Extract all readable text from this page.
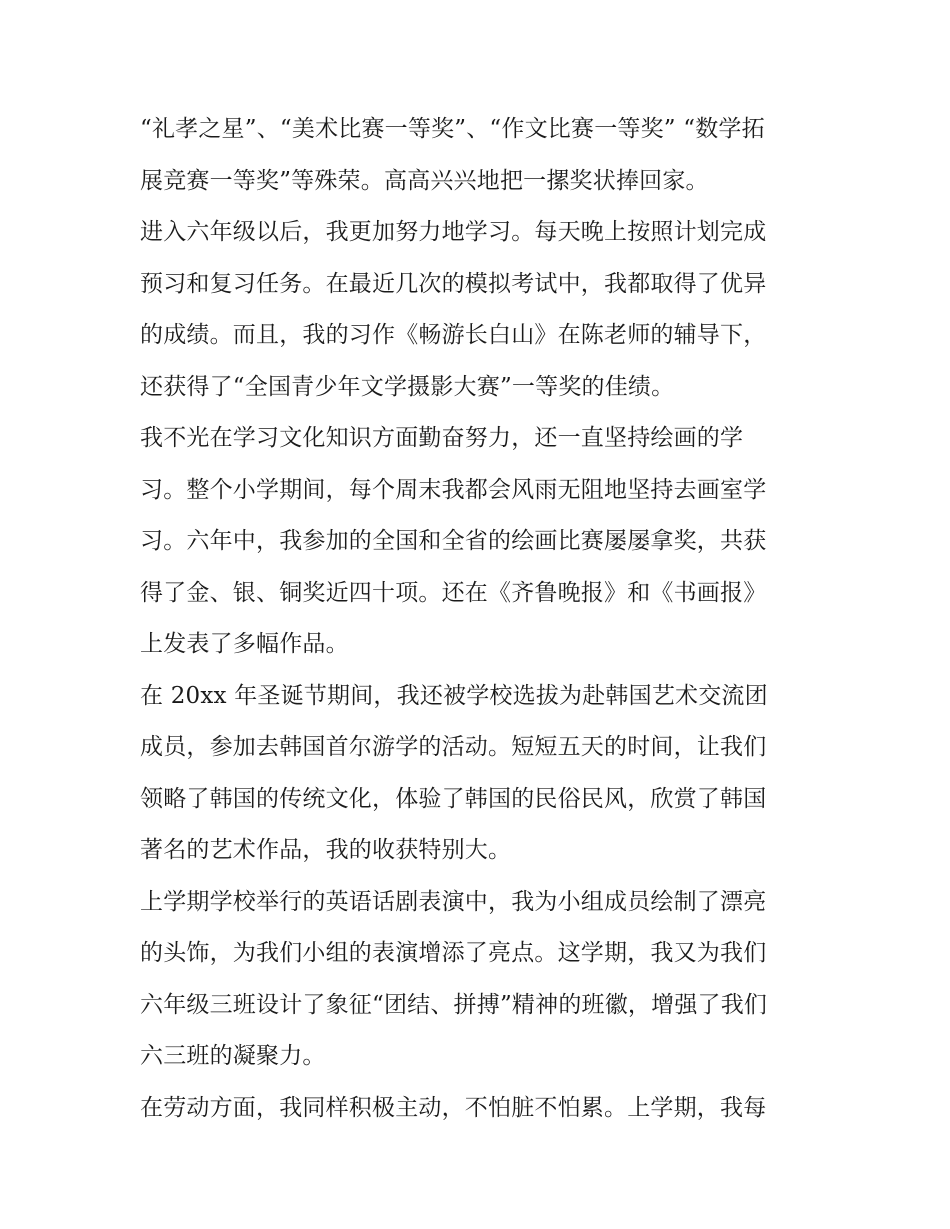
“礼孝之星”、“美术比赛一等奖”、“作文比赛一等奖” “数学拓
展竞赛一等奖”等殊荣。高高兴兴地把一摞奖状捧回家。
进入六年级以后，我更加努力地学习。每天晚上按照计划完成
预习和复习任务。在最近几次的模拟考试中，我都取得了优异
的成绩。而且，我的习作《畅游长白山》在陈老师的辅导下，
还获得了“全国青少年文学摄影大赛”一等奖的佳绩。
我不光在学习文化知识方面勤奋努力，还一直坚持绘画的学
习。整个小学期间，每个周末我都会风雨无阻地坚持去画室学
习。六年中，我参加的全国和全省的绘画比赛屡屡拿奖，共获
得了金、银、铜奖近四十项。还在《齐鲁晚报》和《书画报》
上发表了多幅作品。
在 20xx 年圣诞节期间，我还被学校选拔为赴韩国艺术交流团
成员，参加去韩国首尔游学的活动。短短五天的时间，让我们
领略了韩国的传统文化，体验了韩国的民俗民风，欣赏了韩国
著名的艺术作品，我的收获特别大。
上学期学校举行的英语话剧表演中，我为小组成员绘制了漂亮
的头饰，为我们小组的表演增添了亮点。这学期，我又为我们
六年级三班设计了象征“团结、拼搏”精神的班徽，增强了我们
六三班的凝聚力。
在劳动方面，我同样积极主动，不怕脏不怕累。上学期，我每
